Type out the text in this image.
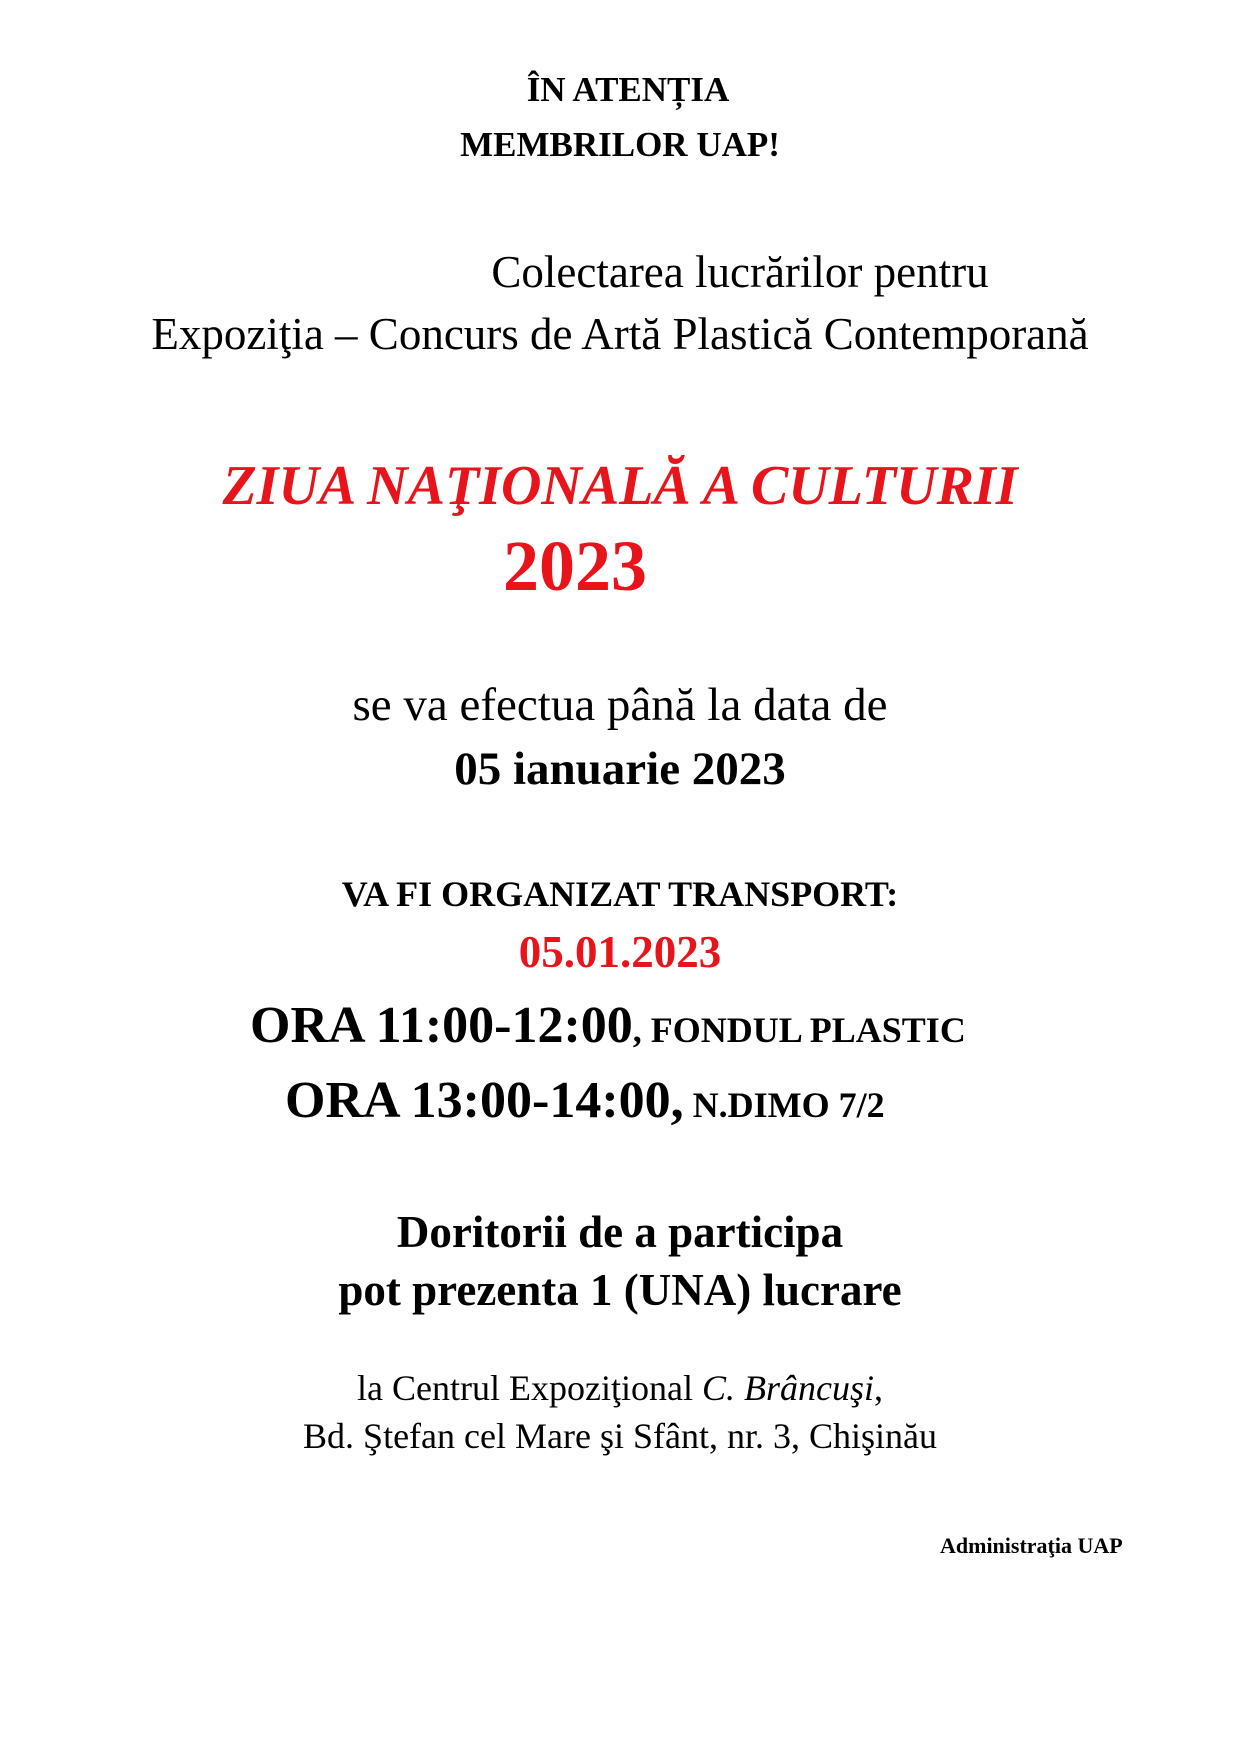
ÎN ATENȚIA
MEMBRILOR UAP!
Colectarea lucrărilor pentru
Expoziţia – Concurs de Artă Plastică Contemporană
ZIUA NAŢIONALĂ A CULTURII
2023
se va efectua până la data de
05 ianuarie 2023
VA FI ORGANIZAT TRANSPORT:
05.01.2023
ORA 11:00-12:00, FONDUL PLASTIC
ORA 13:00-14:00, N.DIMO 7/2
Doritorii de a participa
pot prezenta 1 (UNA) lucrare
la Centrul Expoziţional C. Brâncuşi,
Bd. Ştefan cel Mare şi Sfânt, nr. 3, Chişinău
Administraţia UAP
